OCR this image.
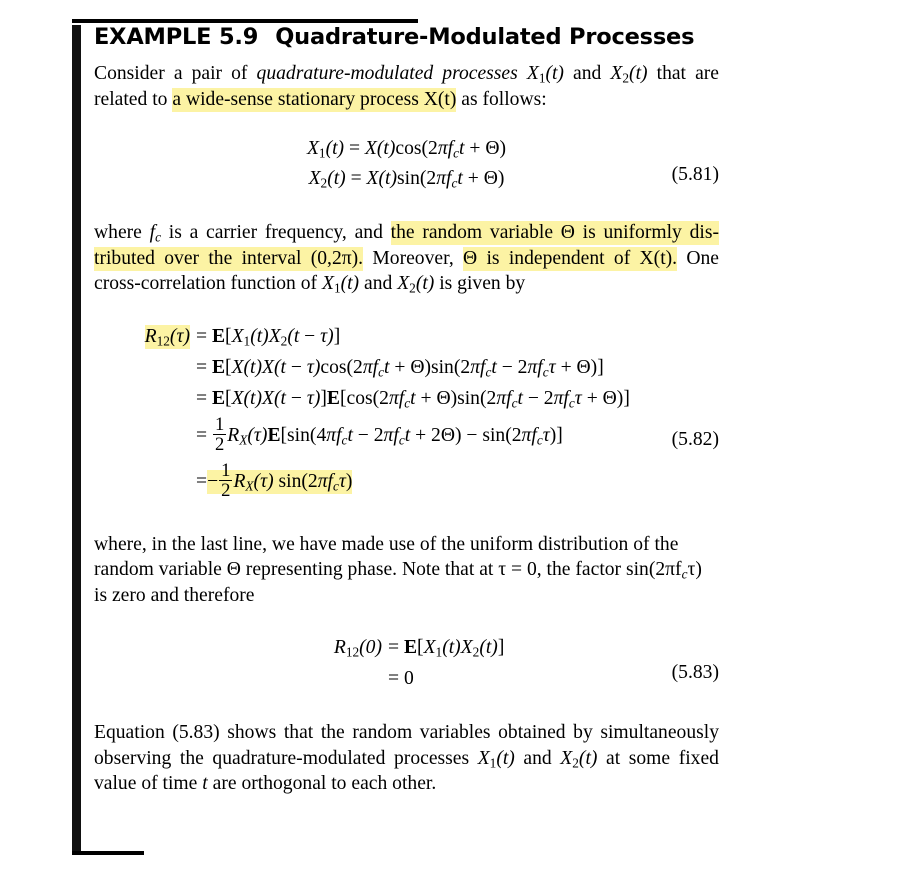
EXAMPLE 5.9 Quadrature-Modulated Processes

Consider a pair of quadrature-modulated processes $X_1(t)$ and $X_2(t)$ that are related to a wide-sense stationary process X(t) as follows:

$X_1(t) = X(t)\cos(2\pi f_ct + \Theta)$
$X_2(t) = X(t)\sin(2\pi f_ct + \Theta)$	(5.81)

where $f_c$ is a carrier frequency, and the random variable Θ is uniformly dis-tributed over the interval (0,2π). Moreover, Θ is independent of X(t). One cross-correlation function of $X_1(t)$ and $X_2(t)$ is given by

$R_{12}(\tau) = E[X_1(t)X_2(t - \tau)]$
= $E[X(t)X(t - \tau)\cos(2\pi f_ct + \Theta)\sin(2\pi f_ct - 2\pi f_c\tau + \Theta)]$
= $E[X(t)X(t - \tau)]E[\cos(2\pi f_ct + \Theta)\sin(2\pi f_ct - 2\pi f_c\tau + \Theta)]$
= $\frac{1}{2} R_X(\tau)E[\sin(4\pi f_ct - 2\pi f_ct + 2\Theta) - \sin(2\pi f_c\tau)]$
=− $\frac{1}{2} R_X(\tau)$ $\sin(2\pi f_c\tau)$
(5.82)

where, in the last line, we have made use of the uniform distribution of the random variable Θ representing phase. Note that at τ = 0, the factor $\sin(2\pi f_c\tau)$ is zero and therefore

$R_{12}(0) = E[X_1(t)X_2(t)]$
= 0	(5.83)

Equation (5.83) shows that the random variables obtained by simultaneously observing the quadrature-modulated processes $X_1(t)$ and $X_2(t)$ at some fixed value of time t are orthogonal to each other.
